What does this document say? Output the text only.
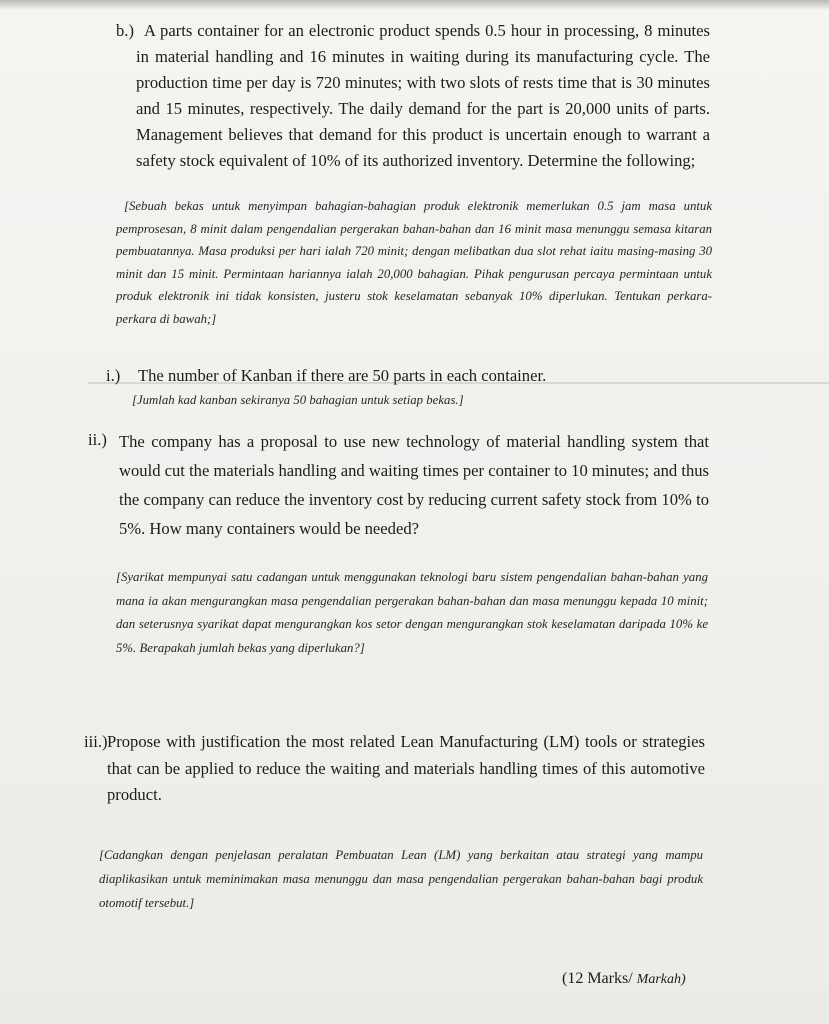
b.) A parts container for an electronic product spends 0.5 hour in processing, 8 minutes in material handling and 16 minutes in waiting during its manufacturing cycle. The production time per day is 720 minutes; with two slots of rests time that is 30 minutes and 15 minutes, respectively. The daily demand for the part is 20,000 units of parts. Management believes that demand for this product is uncertain enough to warrant a safety stock equivalent of 10% of its authorized inventory. Determine the following;
[Sebuah bekas untuk menyimpan bahagian-bahagian produk elektronik memerlukan 0.5 jam masa untuk pemprosesan, 8 minit dalam pengendalian pergerakan bahan-bahan dan 16 minit masa menunggu semasa kitaran pembuatannya. Masa produksi per hari ialah 720 minit; dengan melibatkan dua slot rehat iaitu masing-masing 30 minit dan 15 minit. Permintaan hariannya ialah 20,000 bahagian. Pihak pengurusan percaya permintaan untuk produk elektronik ini tidak konsisten, justeru stok keselamatan sebanyak 10% diperlukan. Tentukan perkara-perkara di bawah;]
i.)	The number of Kanban if there are 50 parts in each container.
[Jumlah kad kanban sekiranya 50 bahagian untuk setiap bekas.]
ii.) The company has a proposal to use new technology of material handling system that would cut the materials handling and waiting times per container to 10 minutes; and thus the company can reduce the inventory cost by reducing current safety stock from 10% to 5%. How many containers would be needed?
[Syarikat mempunyai satu cadangan untuk menggunakan teknologi baru sistem pengendalian bahan-bahan yang mana ia akan mengurangkan masa pengendalian pergerakan bahan-bahan dan masa menunggu kepada 10 minit; dan seterusnya syarikat dapat mengurangkan kos setor dengan mengurangkan stok keselamatan daripada 10% ke 5%. Berapakah jumlah bekas yang diperlukan?]
iii.) Propose with justification the most related Lean Manufacturing (LM) tools or strategies that can be applied to reduce the waiting and materials handling times of this automotive product.
[Cadangkan dengan penjelasan peralatan Pembuatan Lean (LM) yang berkaitan atau strategi yang mampu diaplikasikan untuk meminimakan masa menunggu dan masa pengendalian pergerakan bahan-bahan bagi produk otomotif tersebut.]
(12 Marks/ Markah)
